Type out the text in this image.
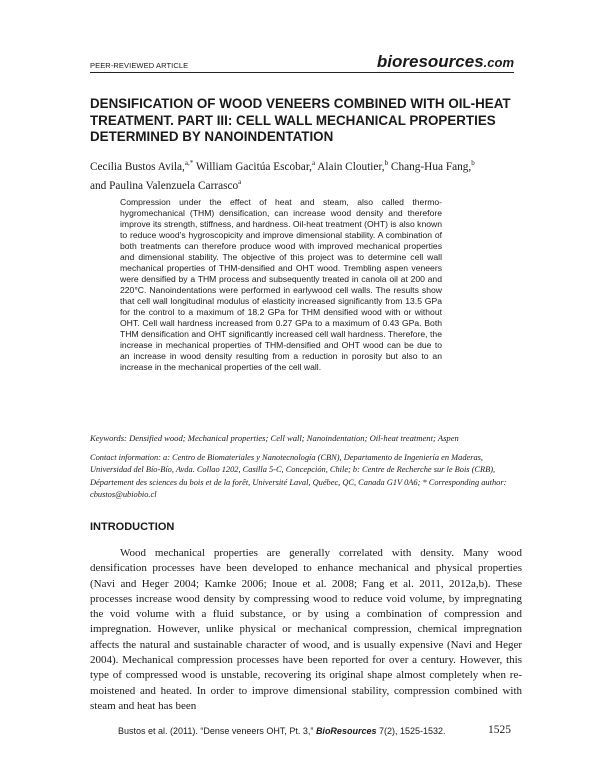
PEER-REVIEWED ARTICLE	bioresources.com
DENSIFICATION OF WOOD VENEERS COMBINED WITH OIL-HEAT TREATMENT. PART III: CELL WALL MECHANICAL PROPERTIES DETERMINED BY NANOINDENTATION
Cecilia Bustos Avila,$^{a,*}$ William Gacitúa Escobar,$^a$ Alain Cloutier,$^b$ Chang-Hua Fang,$^b$
and Paulina Valenzuela Carrasco$^a$
Compression under the effect of heat and steam, also called thermo-hygromechanical (THM) densification, can increase wood density and therefore improve its strength, stiffness, and hardness. Oil-heat treatment (OHT) is also known to reduce wood’s hygroscopicity and improve dimensional stability. A combination of both treatments can therefore produce wood with improved mechanical properties and dimensional stability. The objective of this project was to determine cell wall mechanical properties of THM-densified and OHT wood. Trembling aspen veneers were densified by a THM process and subsequently treated in canola oil at 200 and 220°C. Nanoindentations were performed in earlywood cell walls. The results show that cell wall longitudinal modulus of elasticity increased significantly from 13.5 GPa for the control to a maximum of 18.2 GPa for THM densified wood with or without OHT. Cell wall hardness increased from 0.27 GPa to a maximum of 0.43 GPa. Both THM densification and OHT significantly increased cell wall hardness. Therefore, the increase in mechanical properties of THM-densified and OHT wood can be due to an increase in wood density resulting from a reduction in porosity but also to an increase in the mechanical properties of the cell wall.
Keywords: Densified wood; Mechanical properties; Cell wall; Nanoindentation; Oil-heat treatment; Aspen
Contact information: a: Centro de Biomateriales y Nanotecnología (CBN), Departamento de Ingeniería en Maderas, Universidad del Bío-Bío, Avda. Collao 1202, Casilla 5-C, Concepción, Chile; b: Centre de Recherche sur le Bois (CRB), Département des sciences du bois et de la forêt, Université Laval, Québec, QC, Canada G1V 0A6; * Corresponding author: cbustos@ubiobio.cl
INTRODUCTION
Wood mechanical properties are generally correlated with density. Many wood densification processes have been developed to enhance mechanical and physical properties (Navi and Heger 2004; Kamke 2006; Inoue et al. 2008; Fang et al. 2011, 2012a,b). These processes increase wood density by compressing wood to reduce void volume, by impregnating the void volume with a fluid substance, or by using a combination of compression and impregnation. However, unlike physical or mechanical compression, chemical impregnation affects the natural and sustainable character of wood, and is usually expensive (Navi and Heger 2004). Mechanical compression processes have been reported for over a century. However, this type of compressed wood is unstable, recovering its original shape almost completely when re-moistened and heated. In order to improve dimensional stability, compression combined with steam and heat has been
Bustos et al. (2011). “Dense veneers OHT, Pt. 3,” BioResources 7(2), 1525-1532.	1525
